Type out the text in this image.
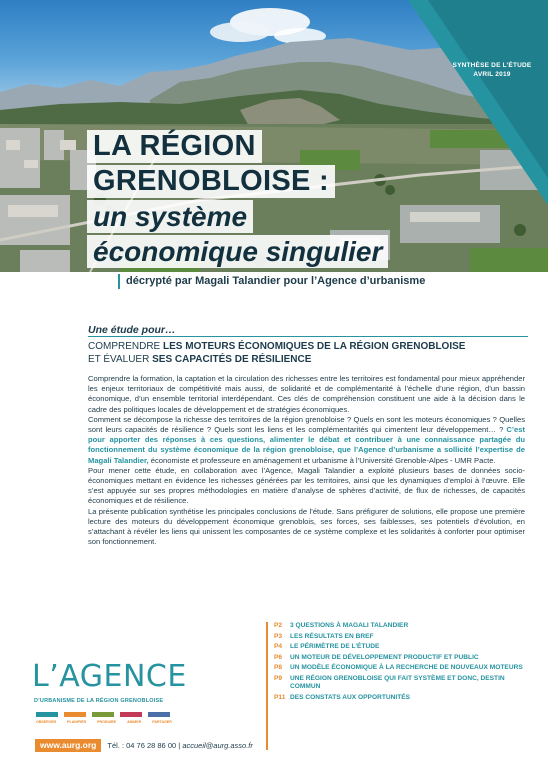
SYNTHÈSE DE L’ÉTUDE
AVRIL 2019
LA RÉGION
GRENOBLOISE :
un système
économique singulier
décrypté par Magali Talandier pour l’Agence d’urbanisme
Une étude pour…
COMPRENDRE LES MOTEURS ÉCONOMIQUES DE LA RÉGION GRENOBLOISE
ET ÉVALUER SES CAPACITÉS DE RÉSILIENCE

Comprendre la formation, la captation et la circulation des richesses entre les territoires est fondamental pour mieux appréhender les enjeux territoriaux de compétitivité mais aussi, de solidarité et de complémentarité à l’échelle d’une région, d’un bassin économique, d’un ensemble territorial interdépendant. Ces clés de compréhension constituent une aide à la décision dans le cadre des politiques locales de développement et de stratégies économiques.

Comment se décompose la richesse des territoires de la région grenobloise ? Quels en sont les moteurs économiques ? Quelles sont leurs capacités de résilience ? Quels sont les liens et les complémentarités qui cimentent leur développement… ? C’est pour apporter des réponses à ces questions, alimenter le débat et contribuer à une connaissance partagée du fonctionnement du système économique de la région grenobloise, que l’Agence d’urbanisme a sollicité l’expertise de Magali Talandier, économiste et professeure en aménagement et urbanisme à l’Université Grenoble-Alpes - UMR Pacte.

Pour mener cette étude, en collaboration avec l’Agence, Magali Talandier a exploité plusieurs bases de données socio-économiques mettant en évidence les richesses générées par les territoires, ainsi que les dynamiques d’emploi à l’œuvre. Elle s’est appuyée sur ses propres méthodologies en matière d’analyse de sphères d’activité, de flux de richesses, de capacités économiques et de résilience.

La présente publication synthétise les principales conclusions de l’étude. Sans préfigurer de solutions, elle propose une première lecture des moteurs du développement économique grenoblois, ses forces, ses faiblesses, ses potentiels d’évolution, en s’attachant à révéler les liens qui unissent les composantes de ce système complexe et les solidarités à conforter pour optimiser son fonctionnement.

P2	3 QUESTIONS À MAGALI TALANDIER
P3	LES RÉSULTATS EN BREF
P4	LE PÉRIMÈTRE DE L’ÉTUDE
P6	UN MOTEUR DE DÉVELOPPEMENT PRODUCTIF ET PUBLIC
P8	UN MODÈLE ÉCONOMIQUE À LA RECHERCHE DE NOUVEAUX MOTEURS
P9	UNE RÉGION GRENOBLOISE QUI FAIT SYSTÈME ET DONC, DESTIN COMMUN
P11 DES CONSTATS AUX OPPORTUNITÉS
L’AGENCE
D’URBANISME DE LA RÉGION GRENOBLOISE
OBSERVER	PLANIFIER	PRODUIRE	ANIMER	PARTAGER
www.aurg.org	Tél. : 04 76 28 86 00 | accueil@aurg.asso.fr
